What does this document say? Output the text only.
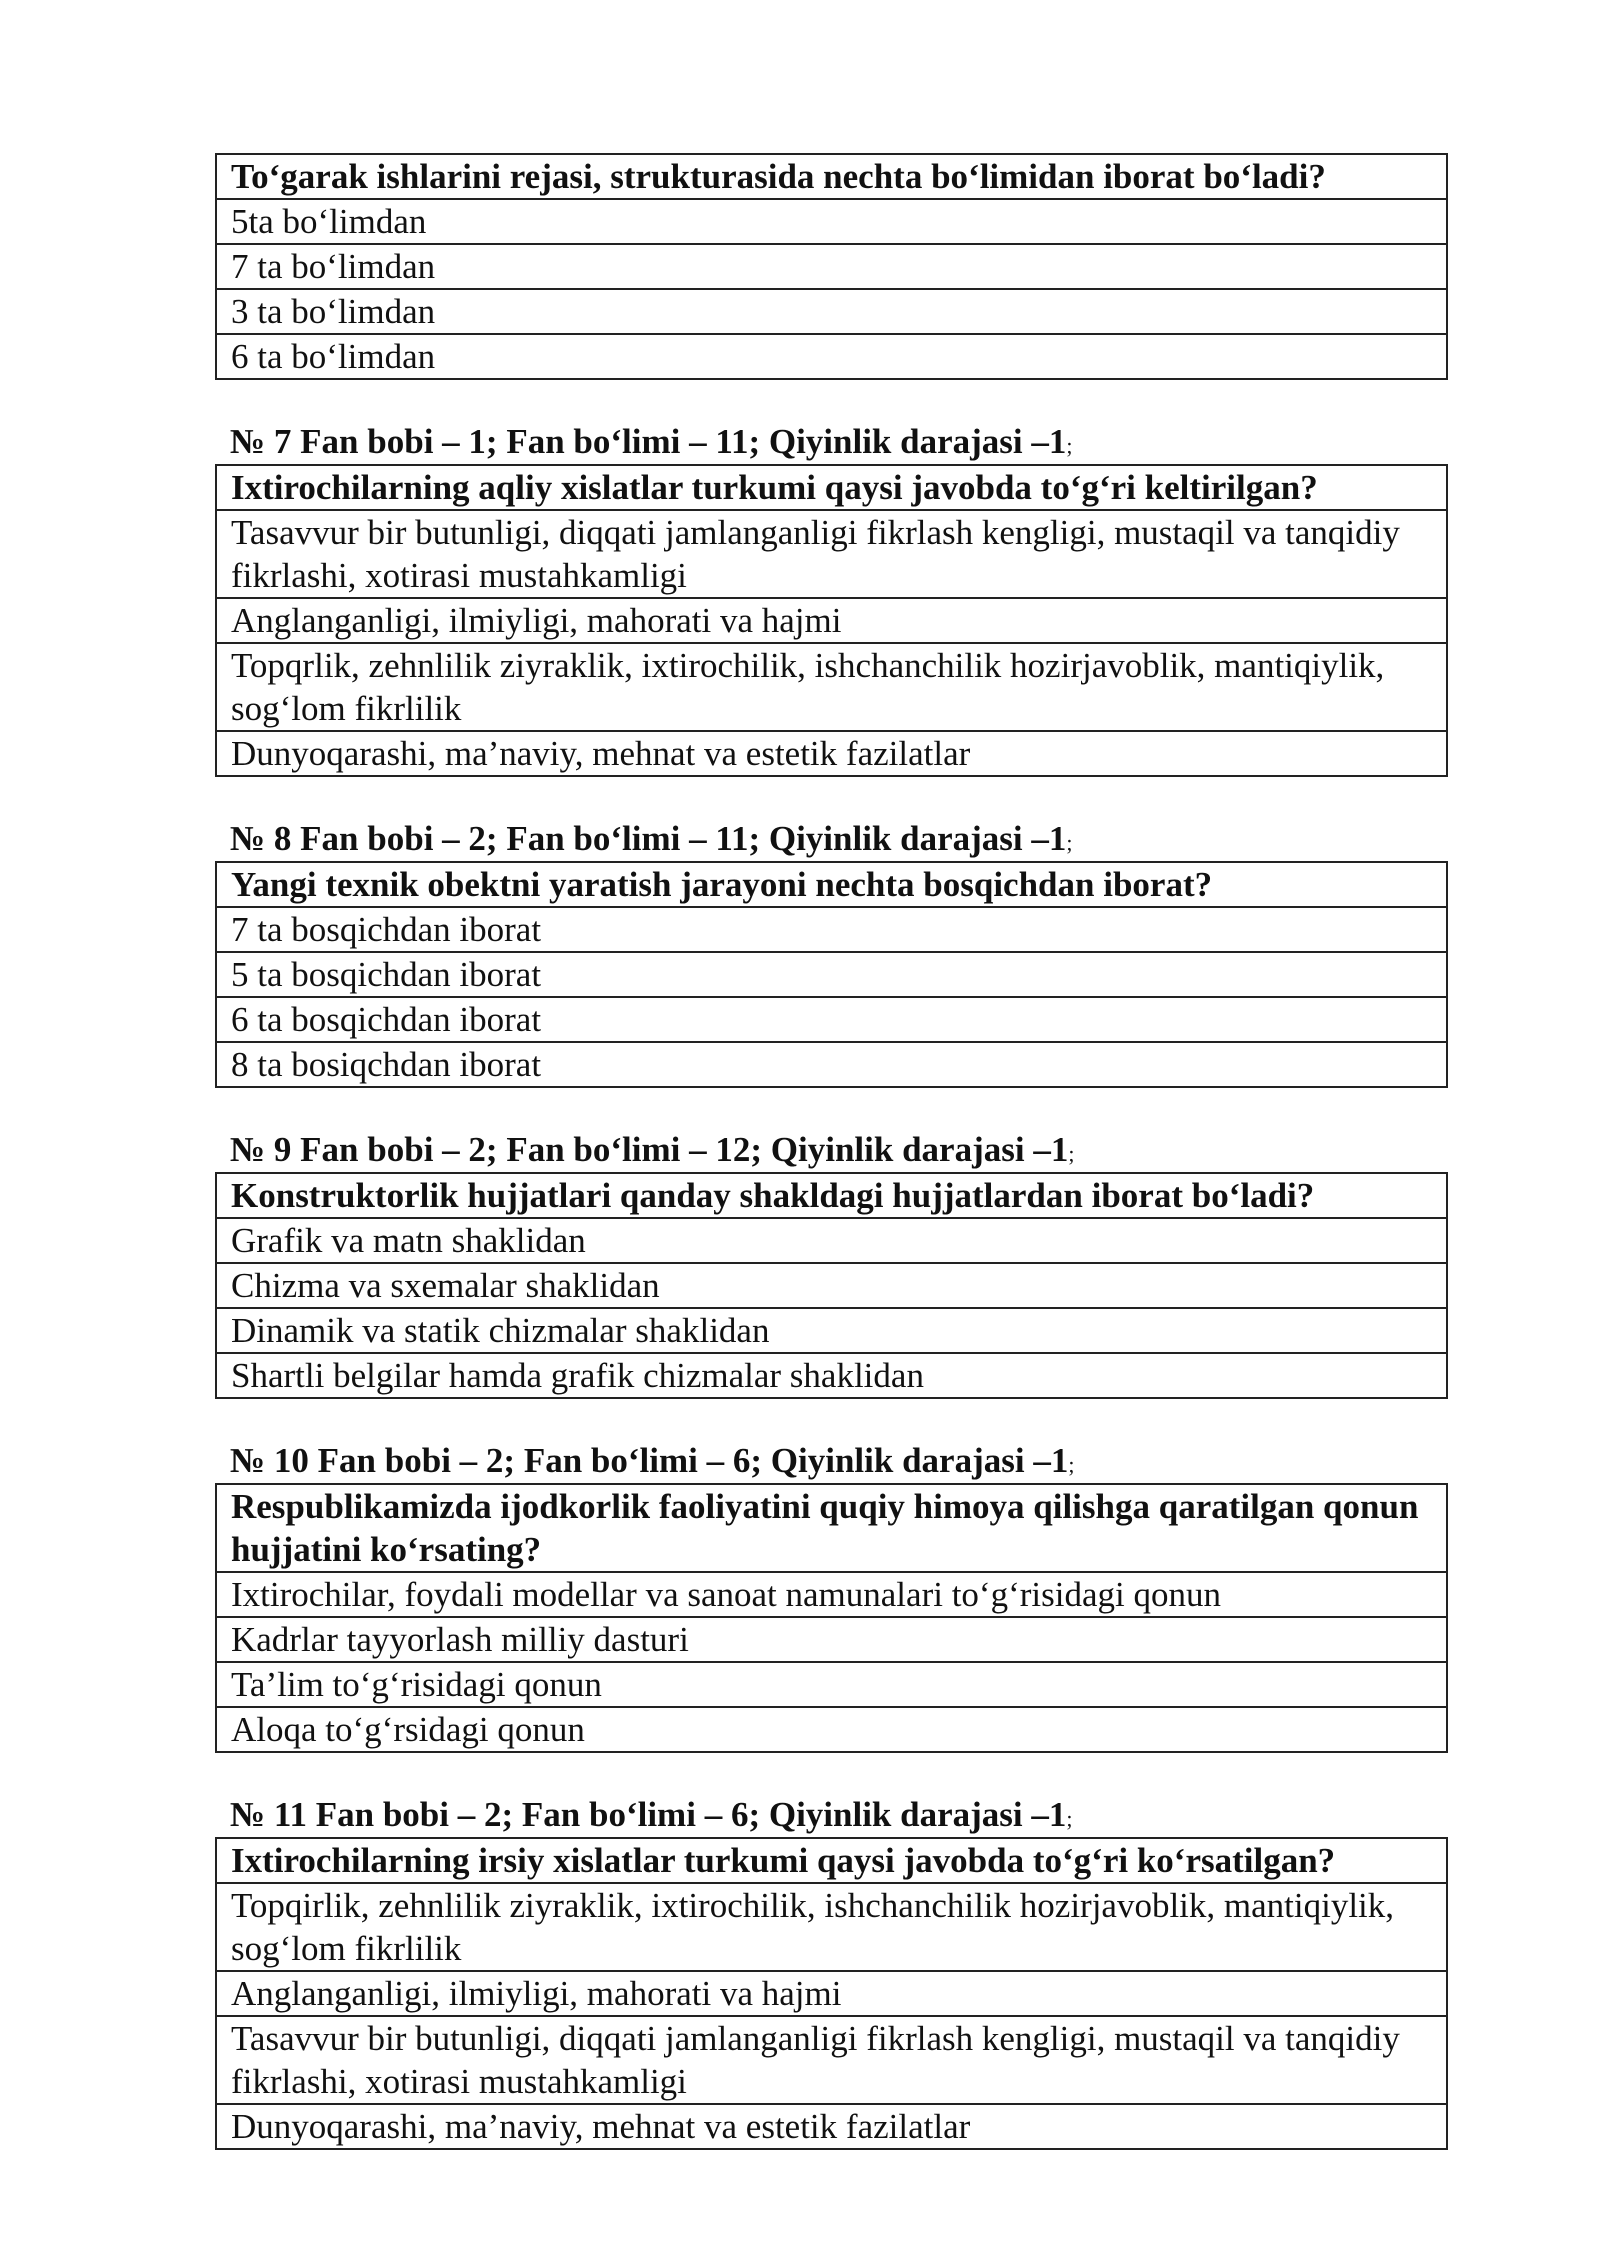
To‘garak ishlarini rejasi, strukturasida nechta bo‘limidan iborat bo‘ladi?
5ta bo‘limdan
7 ta bo‘limdan
3 ta bo‘limdan
6 ta bo‘limdan
№ 7 Fan bobi – 1; Fan bo‘limi – 11; Qiyinlik darajasi –1;
Ixtirochilarning aqliy xislatlar turkumi qaysi javobda to‘g‘ri keltirilgan?
Tasavvur bir butunligi, diqqati jamlanganligi fikrlash kengligi, mustaqil va tanqidiy fikrlashi, xotirasi mustahkamligi
Anglanganligi, ilmiyligi, mahorati va hajmi
Topqrlik, zehnlilik ziyraklik, ixtirochilik, ishchanchilik hozirjavoblik, mantiqiylik, sog‘lom fikrlilik
Dunyoqarashi, ma’naviy, mehnat va estetik fazilatlar
№ 8 Fan bobi – 2; Fan bo‘limi – 11; Qiyinlik darajasi –1;
Yangi texnik obektni yaratish jarayoni nechta bosqichdan iborat?
7 ta bosqichdan iborat
5 ta bosqichdan iborat
6 ta bosqichdan iborat
8 ta bosiqchdan iborat
№ 9 Fan bobi – 2; Fan bo‘limi – 12; Qiyinlik darajasi –1;
Konstruktorlik hujjatlari qanday shakldagi hujjatlardan iborat bo‘ladi?
Grafik va matn shaklidan
Chizma va sxemalar shaklidan
Dinamik va statik chizmalar shaklidan
Shartli belgilar hamda grafik chizmalar shaklidan
№ 10 Fan bobi – 2; Fan bo‘limi – 6; Qiyinlik darajasi –1;
Respublikamizda ijodkorlik faoliyatini quqiy himoya qilishga qaratilgan qonun hujjatini ko‘rsating?
Ixtirochilar, foydali modellar va sanoat namunalari to‘g‘risidagi qonun
Kadrlar tayyorlash milliy dasturi
Ta’lim to‘g‘risidagi qonun
Aloqa to‘g‘rsidagi qonun
№ 11 Fan bobi – 2; Fan bo‘limi – 6; Qiyinlik darajasi –1;
Ixtirochilarning irsiy xislatlar turkumi qaysi javobda to‘g‘ri ko‘rsatilgan?
Topqirlik, zehnlilik ziyraklik, ixtirochilik, ishchanchilik hozirjavoblik, mantiqiylik, sog‘lom fikrlilik
Anglanganligi, ilmiyligi, mahorati va hajmi
Tasavvur bir butunligi, diqqati jamlanganligi fikrlash kengligi, mustaqil va tanqidiy fikrlashi, xotirasi mustahkamligi
Dunyoqarashi, ma’naviy, mehnat va estetik fazilatlar
